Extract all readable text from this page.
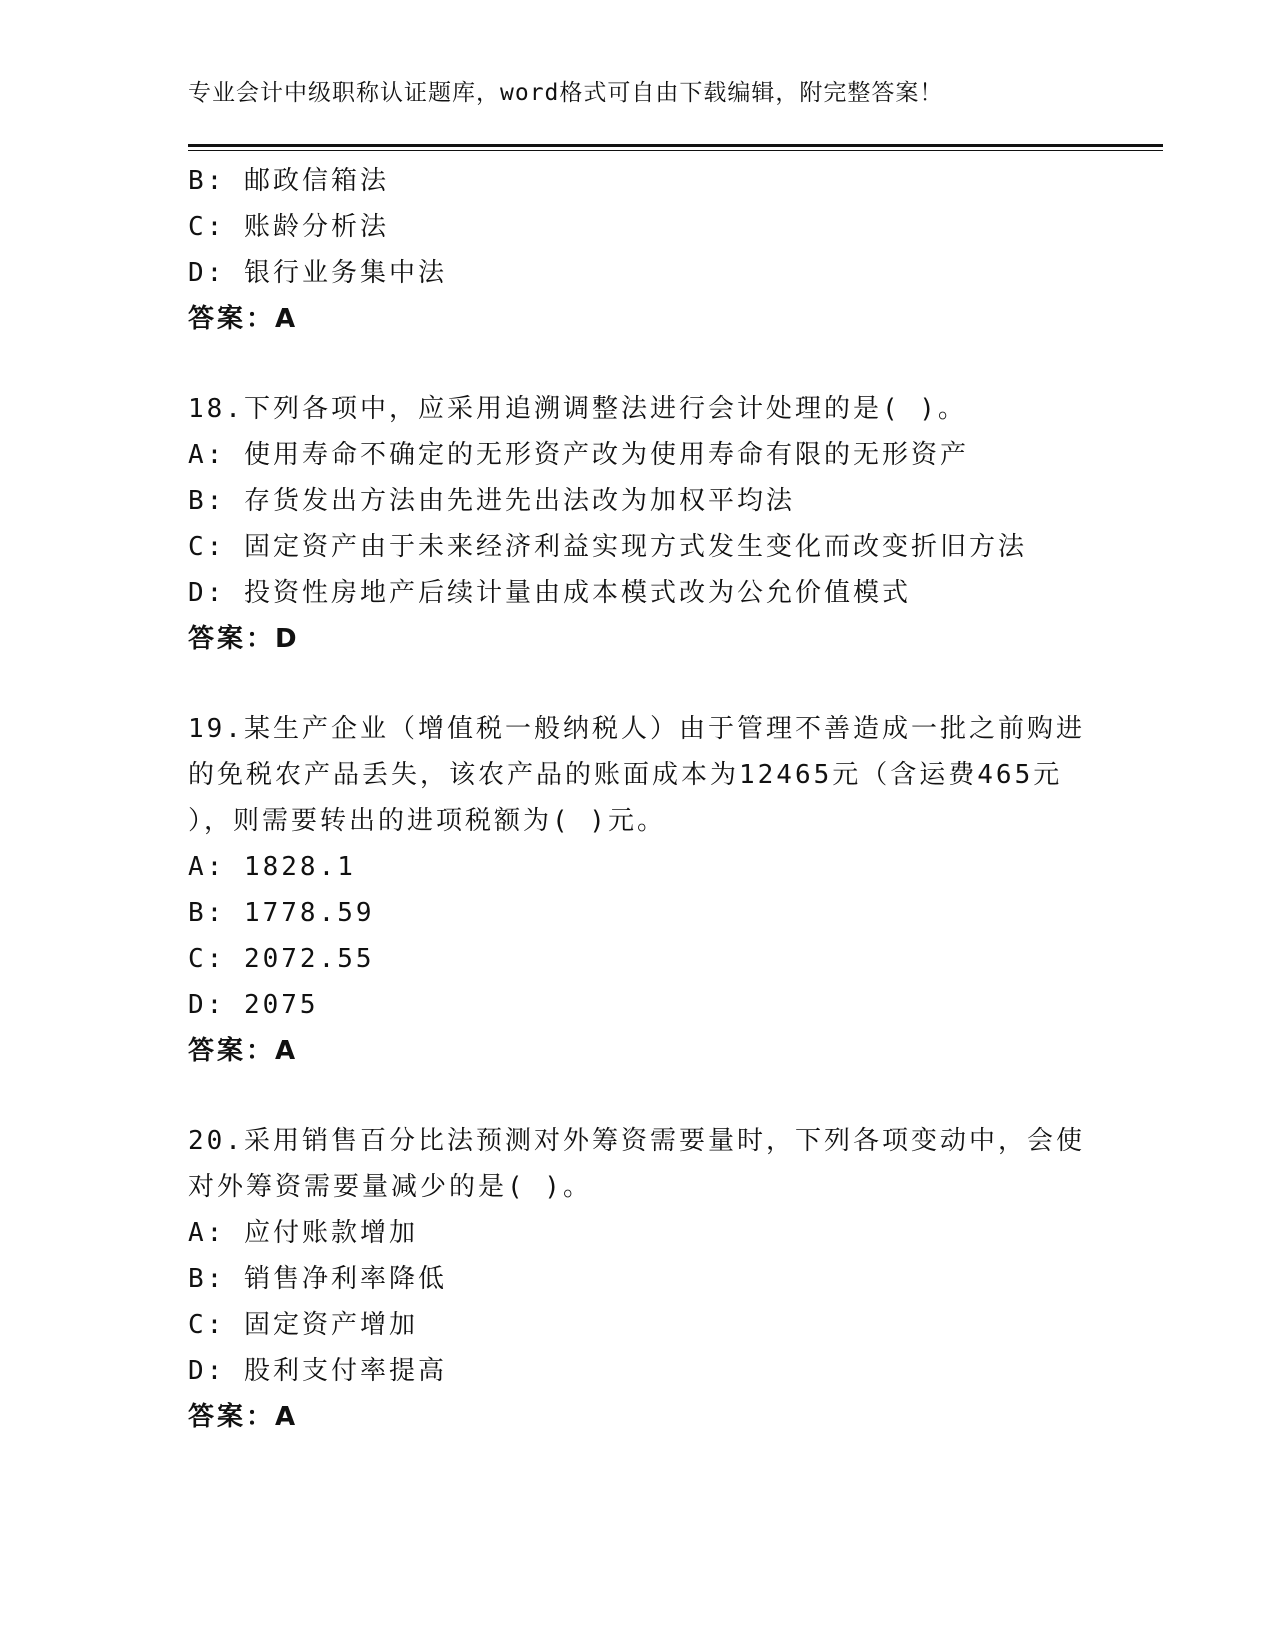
专业会计中级职称认证题库，word格式可自由下载编辑，附完整答案！
B: 邮政信箱法
C: 账龄分析法
D: 银行业务集中法
答案：A
18.下列各项中，应采用追溯调整法进行会计处理的是( )。
A: 使用寿命不确定的无形资产改为使用寿命有限的无形资产
B: 存货发出方法由先进先出法改为加权平均法
C: 固定资产由于未来经济利益实现方式发生变化而改变折旧方法
D: 投资性房地产后续计量由成本模式改为公允价值模式
答案：D
19.某生产企业（增值税一般纳税人）由于管理不善造成一批之前购进
的免税农产品丢失，该农产品的账面成本为12465元（含运费465元
），则需要转出的进项税额为( )元。
A: 1828.1
B: 1778.59
C: 2072.55
D: 2075
答案：A
20.采用销售百分比法预测对外筹资需要量时，下列各项变动中，会使
对外筹资需要量减少的是( )。
A: 应付账款增加
B: 销售净利率降低
C: 固定资产增加
D: 股利支付率提高
答案：A
